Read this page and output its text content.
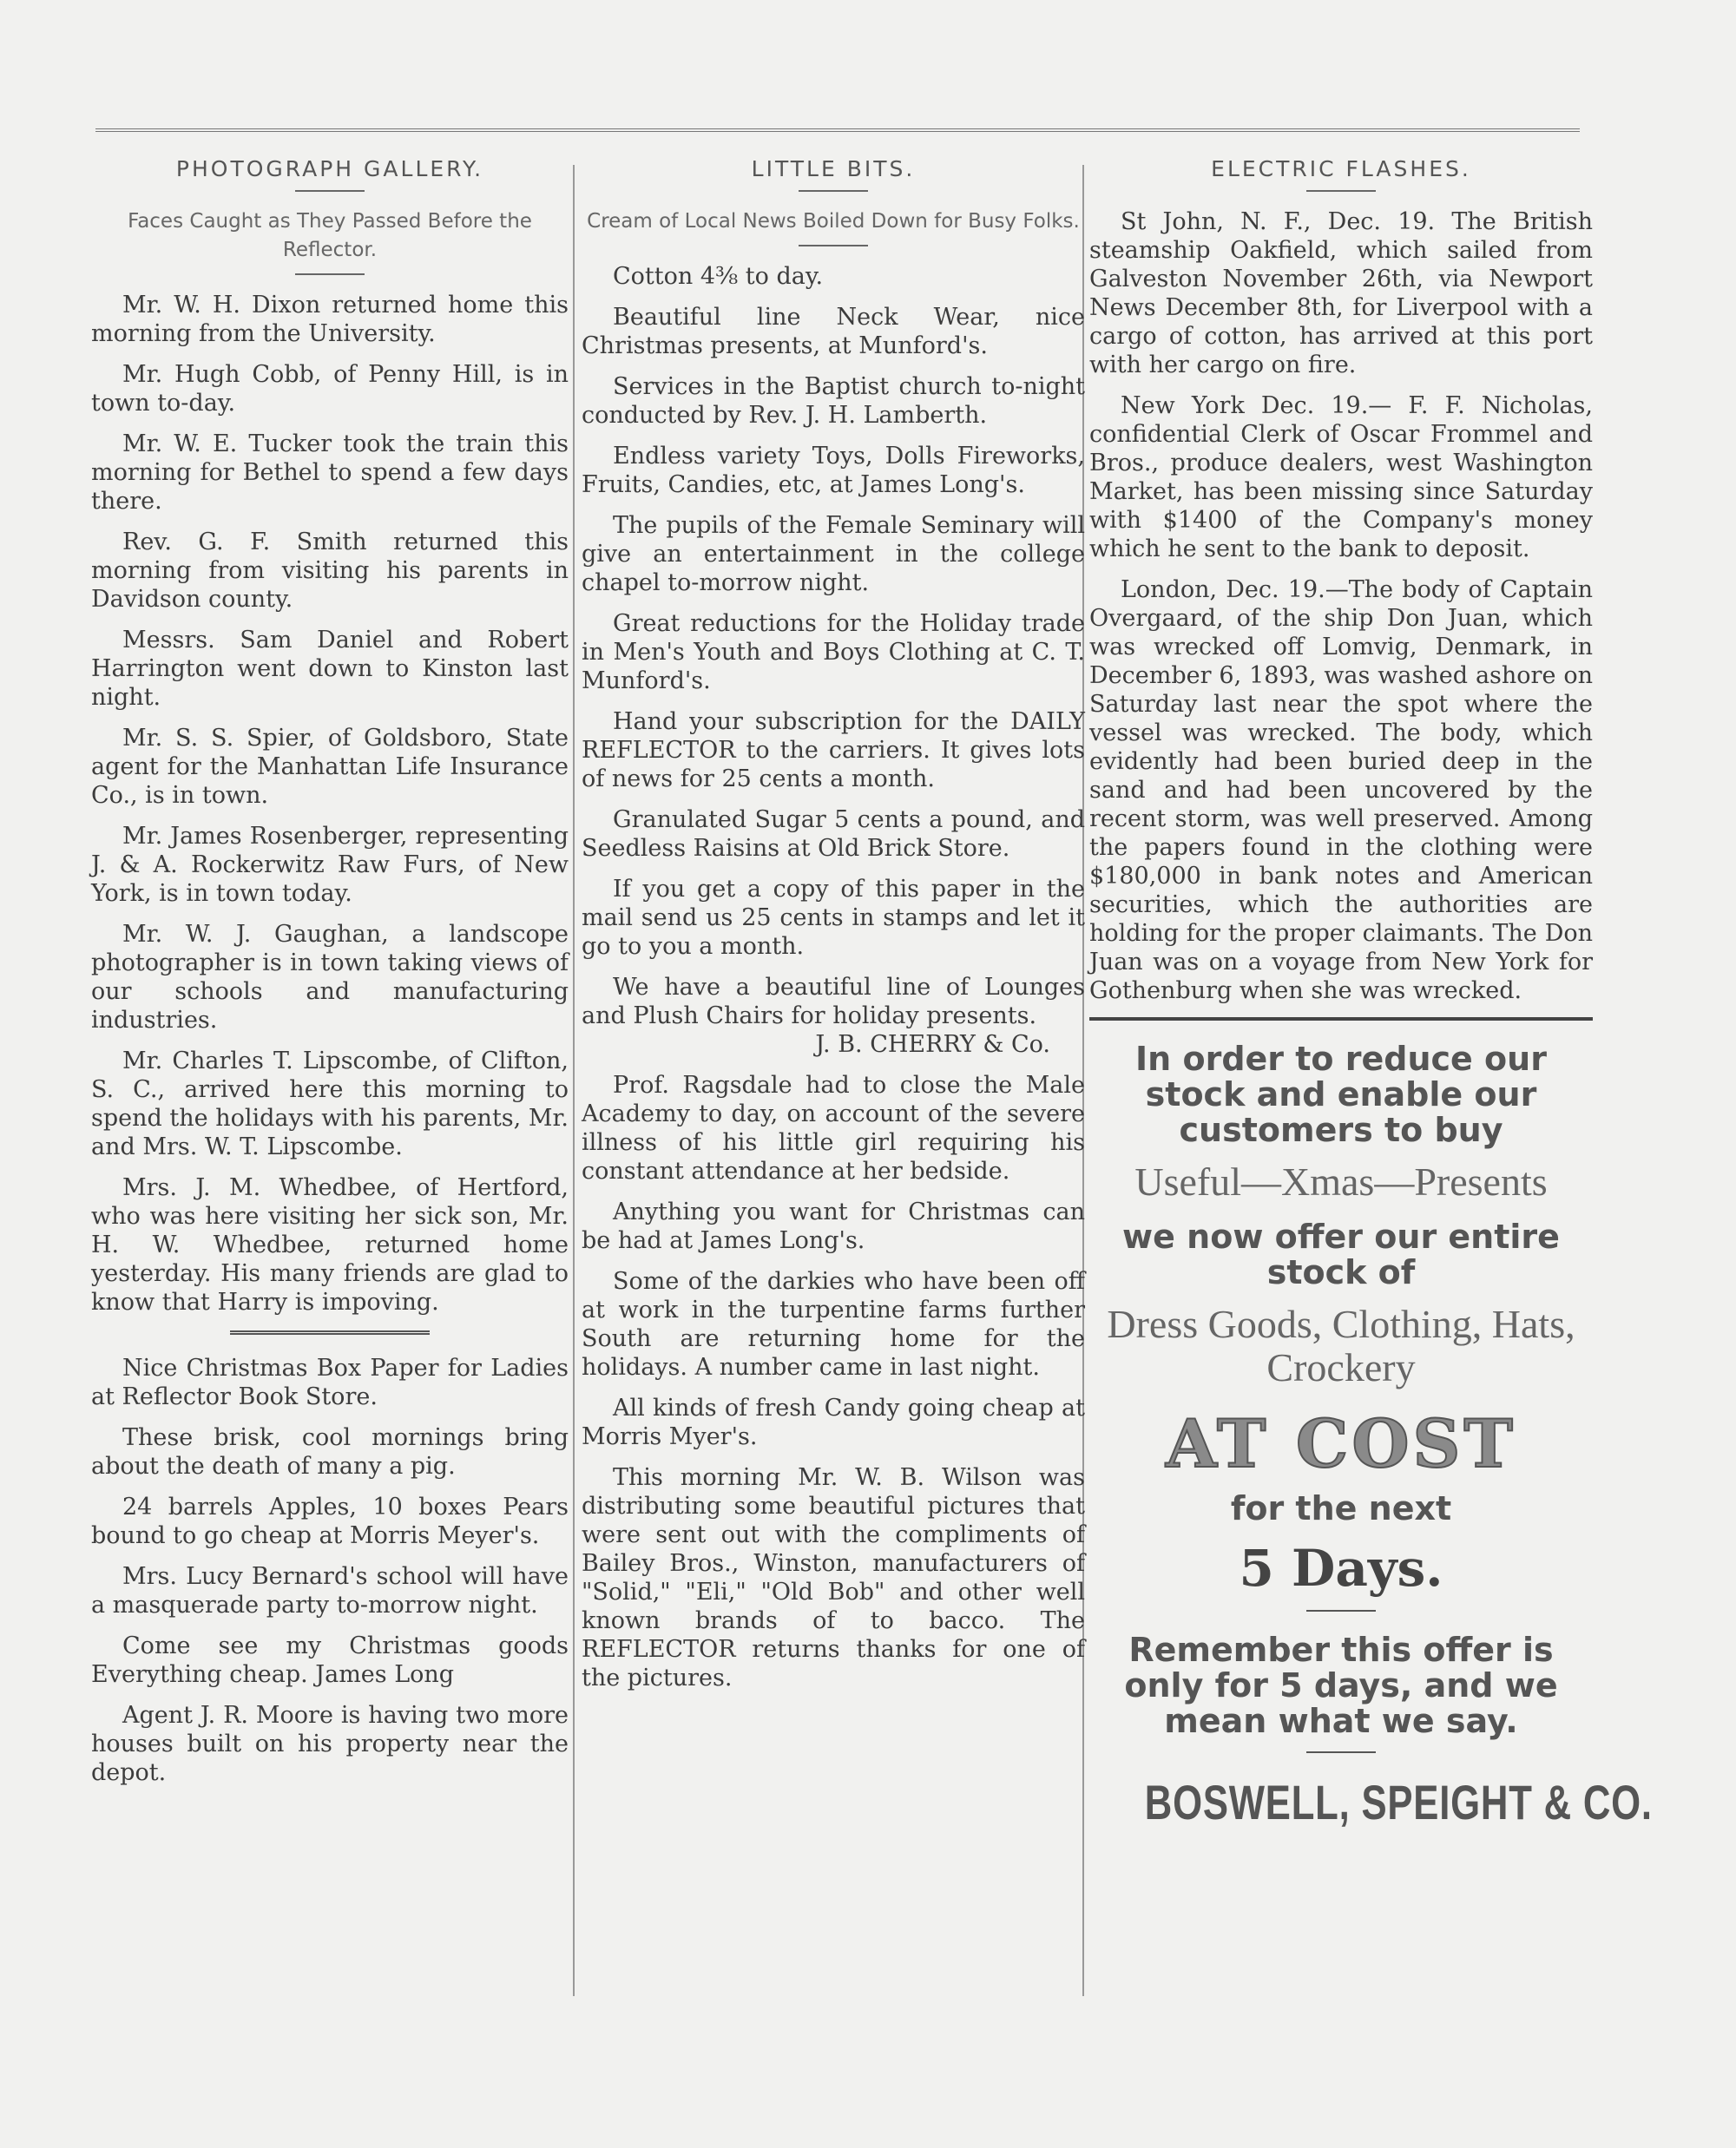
PHOTOGRAPH GALLERY.
Faces Caught as They Passed Before the Reflector.

Mr. W. H. Dixon returned home this morning from the University.

Mr. Hugh Cobb, of Penny Hill, is in town to-day.

Mr. W. E. Tucker took the train this morning for Bethel to spend a few days there.

Rev. G. F. Smith returned this morning from visiting his parents in Davidson county.

Messrs. Sam Daniel and Robert Harrington went down to Kinston last night.

Mr. S. S. Spier, of Goldsboro, State agent for the Manhattan Life Insurance Co., is in town.

Mr. James Rosenberger, representing J. & A. Rockerwitz Raw Furs, of New York, is in town today.

Mr. W. J. Gaughan, a landscope photographer is in town taking views of our schools and manufacturing industries.

Mr. Charles T. Lipscombe, of Clifton, S. C., arrived here this morning to spend the holidays with his parents, Mr. and Mrs. W. T. Lipscombe.

Mrs. J. M. Whedbee, of Hertford, who was here visiting her sick son, Mr. H. W. Whedbee, returned home yesterday. His many friends are glad to know that Harry is impoving.

Nice Christmas Box Paper for Ladies at Reflector Book Store.

These brisk, cool mornings bring about the death of many a pig.

24 barrels Apples, 10 boxes Pears bound to go cheap at Morris Meyer's.

Mrs. Lucy Bernard's school will have a masquerade party to-morrow night.

Come see my Christmas goods Everything cheap. James Long

Agent J. R. Moore is having two more houses built on his property near the depot.

LITTLE BITS.
Cream of Local News Boiled Down for Busy Folks.

Cotton 4⅜ to day.

Beautiful line Neck Wear, nice Christmas presents, at Munford's.

Services in the Baptist church to-night conducted by Rev. J. H. Lamberth.

Endless variety Toys, Dolls Fireworks, Fruits, Candies, etc, at James Long's.

The pupils of the Female Seminary will give an entertainment in the college chapel to-morrow night.

Great reductions for the Holiday trade in Men's Youth and Boys Clothing at C. T. Munford's.

Hand your subscription for the DAILY REFLECTOR to the carriers. It gives lots of news for 25 cents a month.

Granulated Sugar 5 cents a pound, and Seedless Raisins at Old Brick Store.

If you get a copy of this paper in the mail send us 25 cents in stamps and let it go to you a month.

We have a beautiful line of Lounges and Plush Chairs for holiday presents.

J. B. CHERRY & Co.

Prof. Ragsdale had to close the Male Academy to day, on account of the severe illness of his little girl requiring his constant attendance at her bedside.

Anything you want for Christmas can be had at James Long's.

Some of the darkies who have been off at work in the turpentine farms further South are returning home for the holidays. A number came in last night.

All kinds of fresh Candy going cheap at Morris Myer's.

This morning Mr. W. B. Wilson was distributing some beautiful pictures that were sent out with the compliments of Bailey Bros., Winston, manufacturers of "Solid," "Eli," "Old Bob" and other well known brands of to bacco. The REFLECTOR returns thanks for one of the pictures.

ELECTRIC FLASHES.

St John, N. F., Dec. 19. The British steamship Oakfield, which sailed from Galveston November 26th, via Newport News December 8th, for Liverpool with a cargo of cotton, has arrived at this port with her cargo on fire.

New York Dec. 19.— F. F. Nicholas, confidential Clerk of Oscar Frommel and Bros., produce dealers, west Washington Market, has been missing since Saturday with $1400 of the Company's money which he sent to the bank to deposit.

London, Dec. 19.—The body of Captain Overgaard, of the ship Don Juan, which was wrecked off Lomvig, Denmark, in December 6, 1893, was washed ashore on Saturday last near the spot where the vessel was wrecked. The body, which evidently had been buried deep in the sand and had been uncovered by the recent storm, was well preserved. Among the papers found in the clothing were $180,000 in bank notes and American securities, which the authorities are holding for the proper claimants. The Don Juan was on a voyage from New York for Gothenburg when she was wrecked.

In order to reduce our stock and enable our customers to buy
Useful—Xmas—Presents
we now offer our entire stock of
Dress Goods, Clothing, Hats, Crockery
AT COST
for the next
5 Days.
Remember this offer is only for 5 days, and we mean what we say.
BOSWELL, SPEIGHT & CO.
